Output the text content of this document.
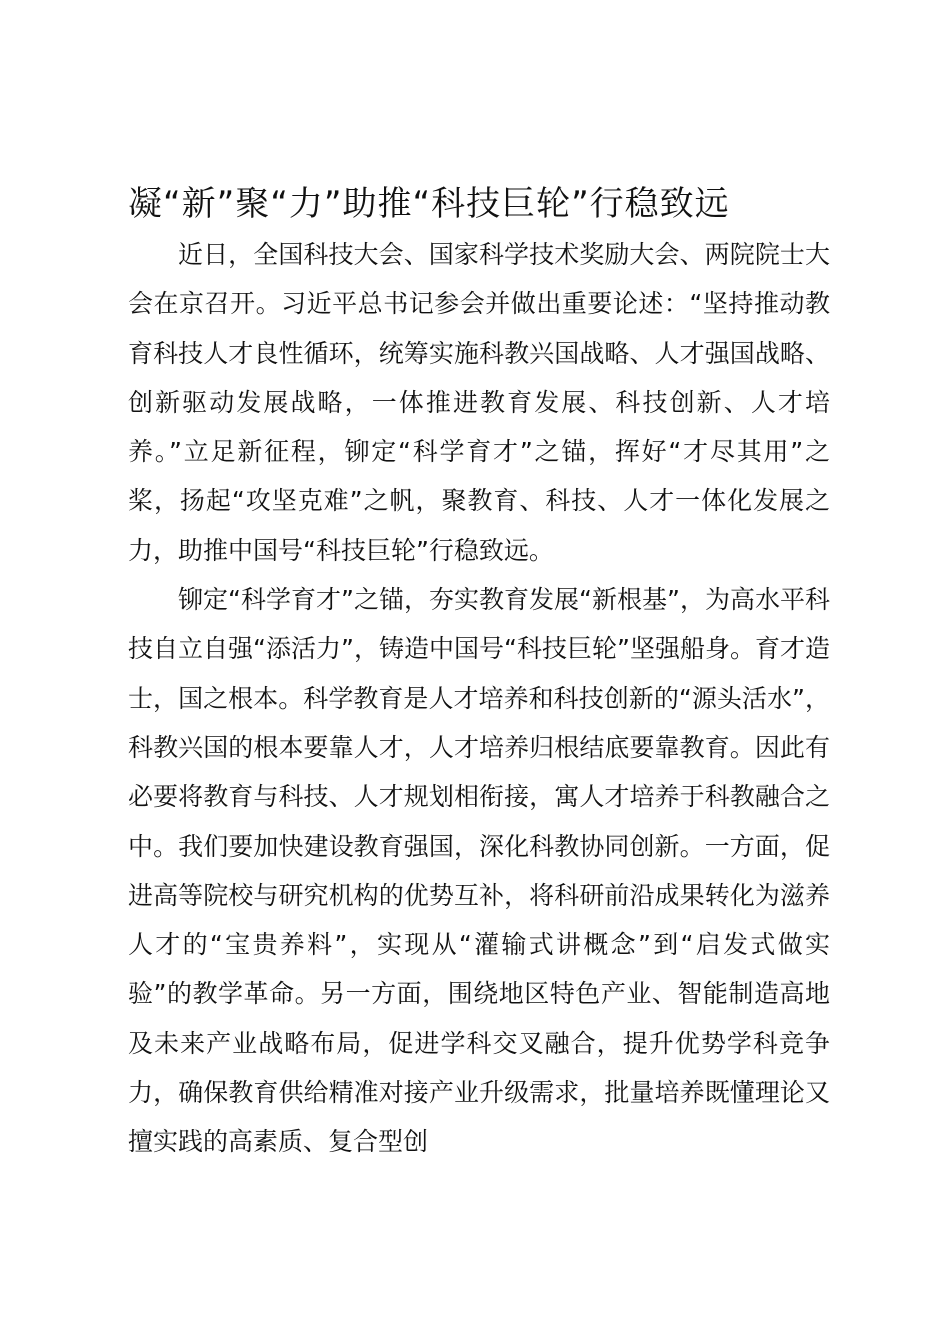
凝“新”聚“力”助推“科技巨轮”行稳致远

近日，全国科技大会、国家科学技术奖励大会、两院院士大会在京召开。习近平总书记参会并做出重要论述：“坚持推动教育科技人才良性循环，统筹实施科教兴国战略、人才强国战略、创新驱动发展战略，一体推进教育发展、科技创新、人才培养。”立足新征程，铆定“科学育才”之锚，挥好“才尽其用”之桨，扬起“攻坚克难”之帆，聚教育、科技、人才一体化发展之力，助推中国号“科技巨轮”行稳致远。

铆定“科学育才”之锚，夯实教育发展“新根基”，为高水平科技自立自强“添活力”，铸造中国号“科技巨轮”坚强船身。育才造士，国之根本。科学教育是人才培养和科技创新的“源头活水”，科教兴国的根本要靠人才，人才培养归根结底要靠教育。因此有必要将教育与科技、人才规划相衔接，寓人才培养于科教融合之中。我们要加快建设教育强国，深化科教协同创新。一方面，促进高等院校与研究机构的优势互补，将科研前沿成果转化为滋养人才的“宝贵养料”，实现从“灌输式讲概念”到“启发式做实验”的教学革命。另一方面，围绕地区特色产业、智能制造高地及未来产业战略布局，促进学科交叉融合，提升优势学科竞争力，确保教育供给精准对接产业升级需求，批量培养既懂理论又擅实践的高素质、复合型创
